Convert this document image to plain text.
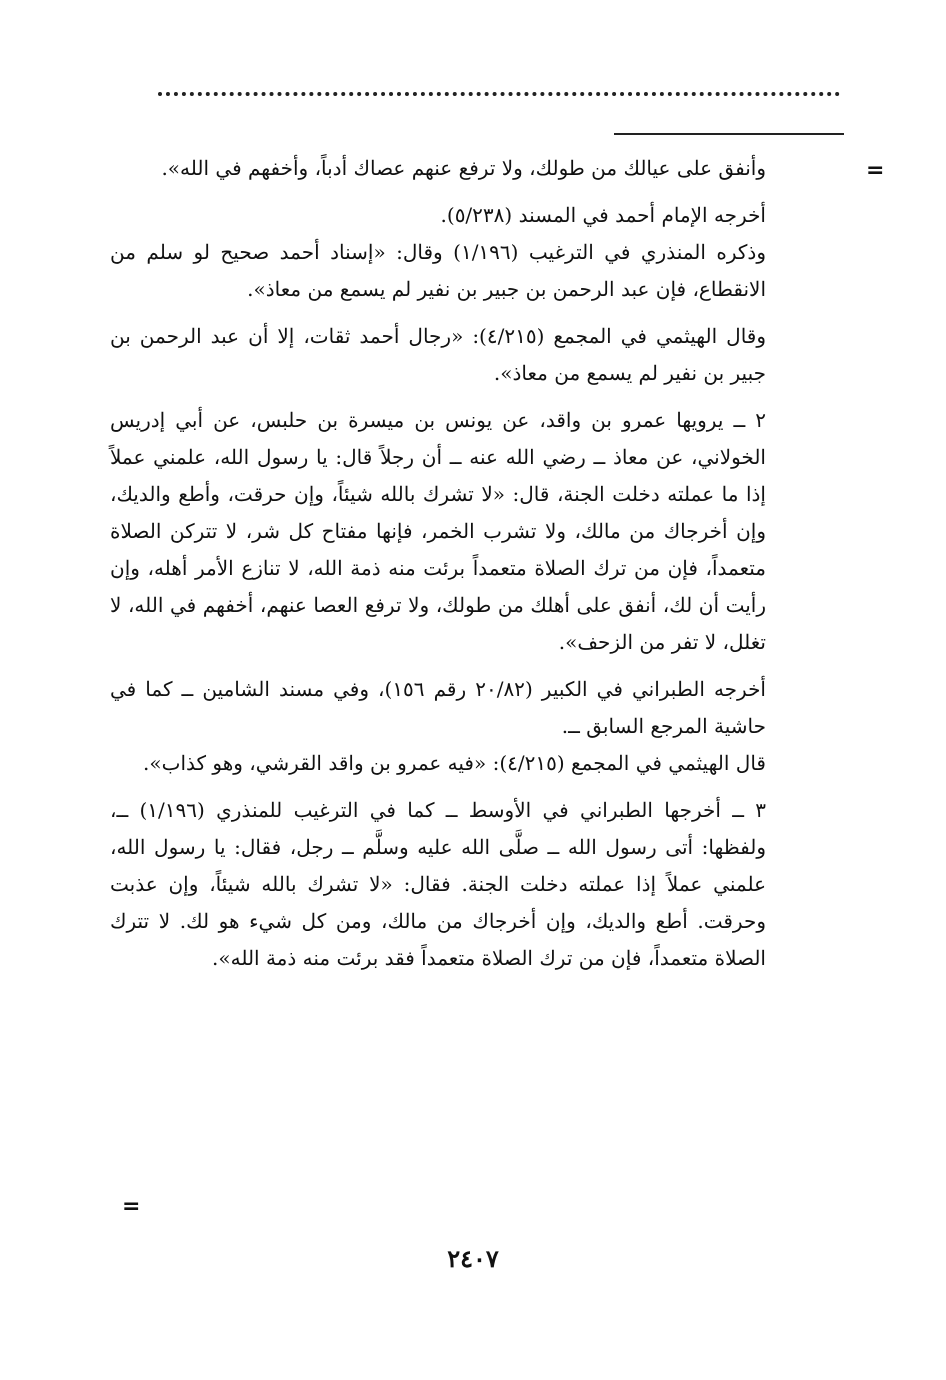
=

وأنفق على عيالك من طولك، ولا ترفع عنهم عصاك أدباً، وأخفهم في الله».

أخرجه الإمام أحمد في المسند (٥/٢٣٨).

وذكره المنذري في الترغيب (١/١٩٦) وقال: «إسناد أحمد صحيح لو سلم من الانقطاع، فإن عبد الرحمن بن جبير بن نفير لم يسمع من معاذ».

وقال الهيثمي في المجمع (٤/٢١٥): «رجال أحمد ثقات، إلا أن عبد الرحمن بن جبير بن نفير لم يسمع من معاذ».

٢ ــ يرويها عمرو بن واقد، عن يونس بن ميسرة بن حلبس، عن أبي إدريس الخولاني، عن معاذ ــ رضي الله عنه ــ أن رجلاً قال: يا رسول الله، علمني عملاً إذا ما عملته دخلت الجنة، قال: «لا تشرك بالله شيئاً، وإن حرقت، وأطع والديك، وإن أخرجاك من مالك، ولا تشرب الخمر، فإنها مفتاح كل شر، لا تتركن الصلاة متعمداً، فإن من ترك الصلاة متعمداً برئت منه ذمة الله، لا تنازع الأمر أهله، وإن رأيت أن لك، أنفق على أهلك من طولك، ولا ترفع العصا عنهم، أخفهم في الله، لا تغلل، لا تفر من الزحف».

أخرجه الطبراني في الكبير (٢٠/٨٢ رقم ١٥٦)، وفي مسند الشامين ــ كما في حاشية المرجع السابق ــ.

قال الهيثمي في المجمع (٤/٢١٥): «فيه عمرو بن واقد القرشي، وهو كذاب».

٣ ــ أخرجها الطبراني في الأوسط ــ كما في الترغيب للمنذري (١/١٩٦) ــ، ولفظها: أتى رسول الله ــ صلَّى الله عليه وسلَّم ــ رجل، فقال: يا رسول الله، علمني عملاً إذا عملته دخلت الجنة. فقال: «لا تشرك بالله شيئاً، وإن عذبت وحرقت. أطع والديك، وإن أخرجاك من مالك، ومن كل شيء هو لك. لا تترك الصلاة متعمداً، فإن من ترك الصلاة متعمداً فقد برئت منه ذمة الله».

=
٢٤٠٧
